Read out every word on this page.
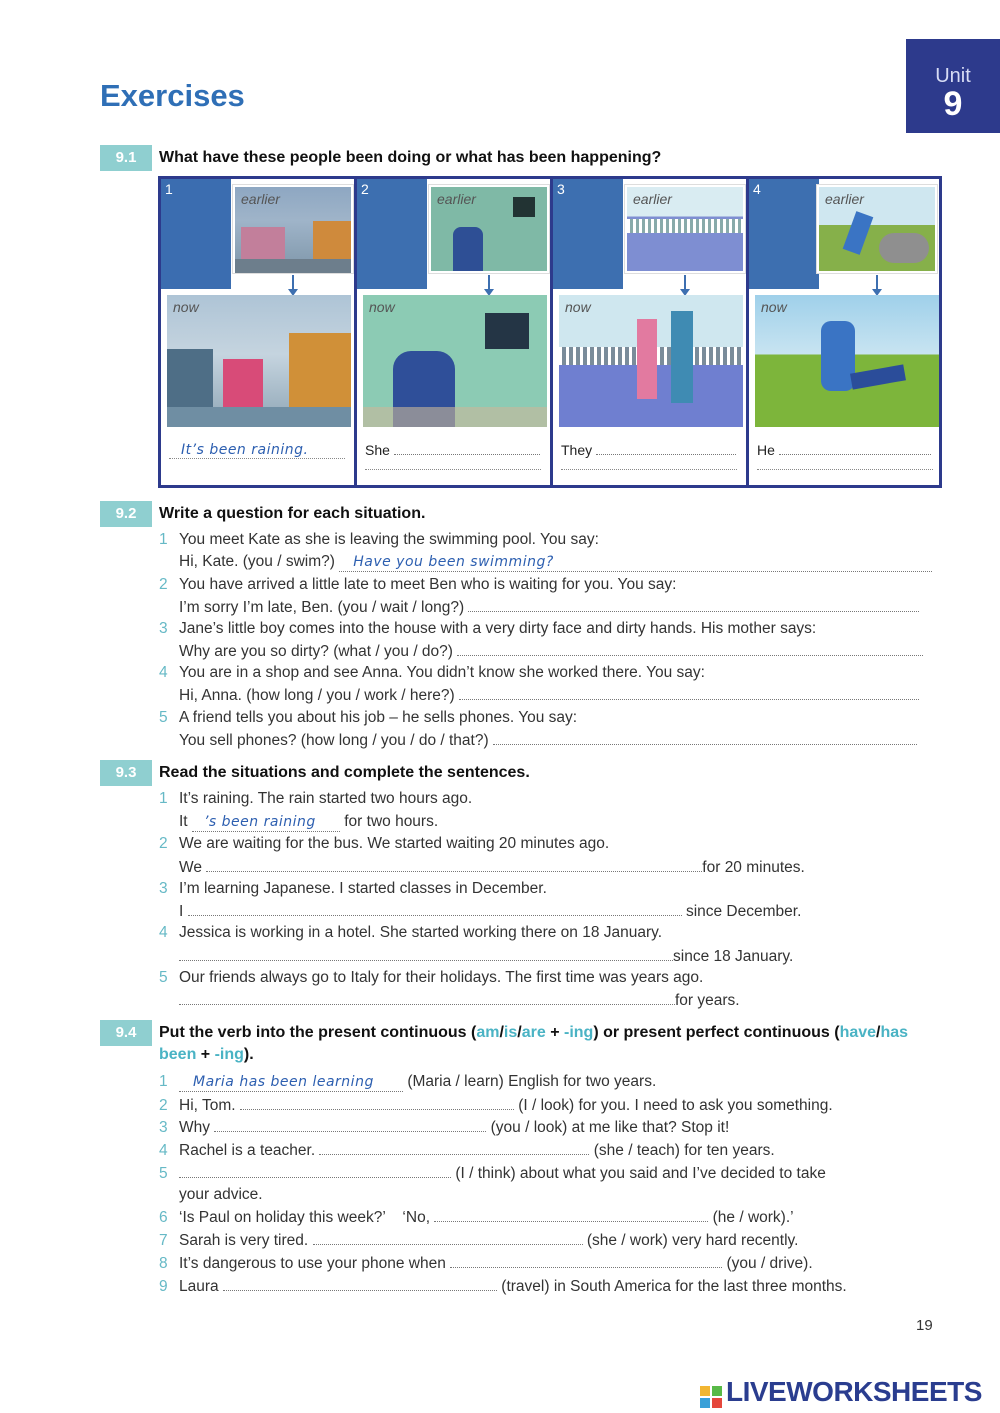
Exercises
Unit
9
9.1	What have these people been doing or what has been happening?
1
earlier
now
It’s been raining.
2
earlier
now
She
3
earlier
now
They
4
earlier
now
He
9.2	Write a question for each situation.
1 You meet Kate as she is leaving the swimming pool. You say:
Hi, Kate. (you / swim?) Have you been swimming?
2 You have arrived a little late to meet Ben who is waiting for you. You say:
I’m sorry I’m late, Ben. (you / wait / long?)
3 Jane’s little boy comes into the house with a very dirty face and dirty hands. His mother says:
Why are you so dirty? (what / you / do?)
4 You are in a shop and see Anna. You didn’t know she worked there. You say:
Hi, Anna. (how long / you / work / here?)
5 A friend tells you about his job – he sells phones. You say:
You sell phones? (how long / you / do / that?)
9.3	Read the situations and complete the sentences.
1 It’s raining. The rain started two hours ago.
It ’s been raining for two hours.
2 We are waiting for the bus. We started waiting 20 minutes ago.
We	for 20 minutes.
3 I’m learning Japanese. I started classes in December.
I	since December.
4 Jessica is working in a hotel. She started working there on 18 January.
since 18 January.
5 Our friends always go to Italy for their holidays. The first time was years ago.
for years.
9.4	Put the verb into the present continuous (am/is/are + -ing) or present perfect continuous (have/has
been + -ing).
1 Maria has been learning (Maria / learn) English for two years.
2 Hi, Tom.	(I / look) for you. I need to ask you something.
3 Why	(you / look) at me like that? Stop it!
4 Rachel is a teacher.	(she / teach) for ten years.
5	(I / think) about what you said and I’ve decided to take
your advice.
6 ‘Is Paul on holiday this week?’    ‘No,	(he / work).’
7 Sarah is very tired.	(she / work) very hard recently.
8 It’s dangerous to use your phone when	(you / drive).
9 Laura	(travel) in South America for the last three months.
19
LIVEWORKSHEETS
